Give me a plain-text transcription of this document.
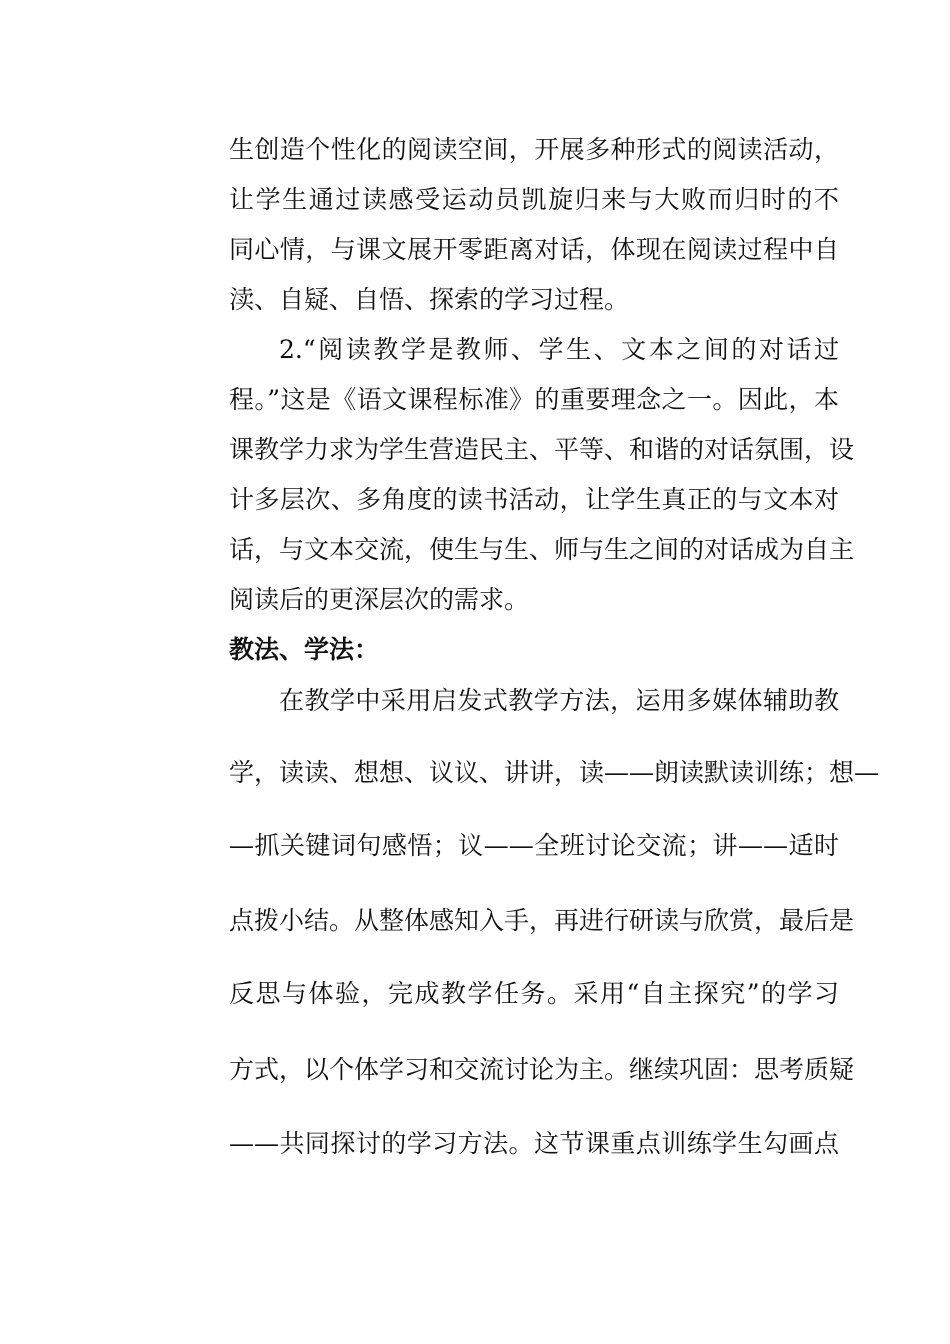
生创造个性化的阅读空间，开展多种形式的阅读活动，
让学生通过读感受运动员凯旋归来与大败而归时的不
同心情，与课文展开零距离对话，体现在阅读过程中自
渎、自疑、自悟、探索的学习过程。
2.“阅读教学是教师、学生、文本之间的对话过
程。”这是《语文课程标准》的重要理念之一。因此，本
课教学力求为学生营造民主、平等、和谐的对话氛围，设
计多层次、多角度的读书活动，让学生真正的与文本对
话，与文本交流，使生与生、师与生之间的对话成为自主
阅读后的更深层次的需求。
教法、学法：
在教学中采用启发式教学方法，运用多媒体辅助教
学，读读、想想、议议、讲讲，读——朗读默读训练；想—
—抓关键词句感悟；议——全班讨论交流；讲——适时
点拨小结。从整体感知入手，再进行研读与欣赏，最后是
反思与体验，完成教学任务。采用“自主探究”的学习
方式，以个体学习和交流讨论为主。继续巩固：思考质疑
——共同探讨的学习方法。这节课重点训练学生勾画点
